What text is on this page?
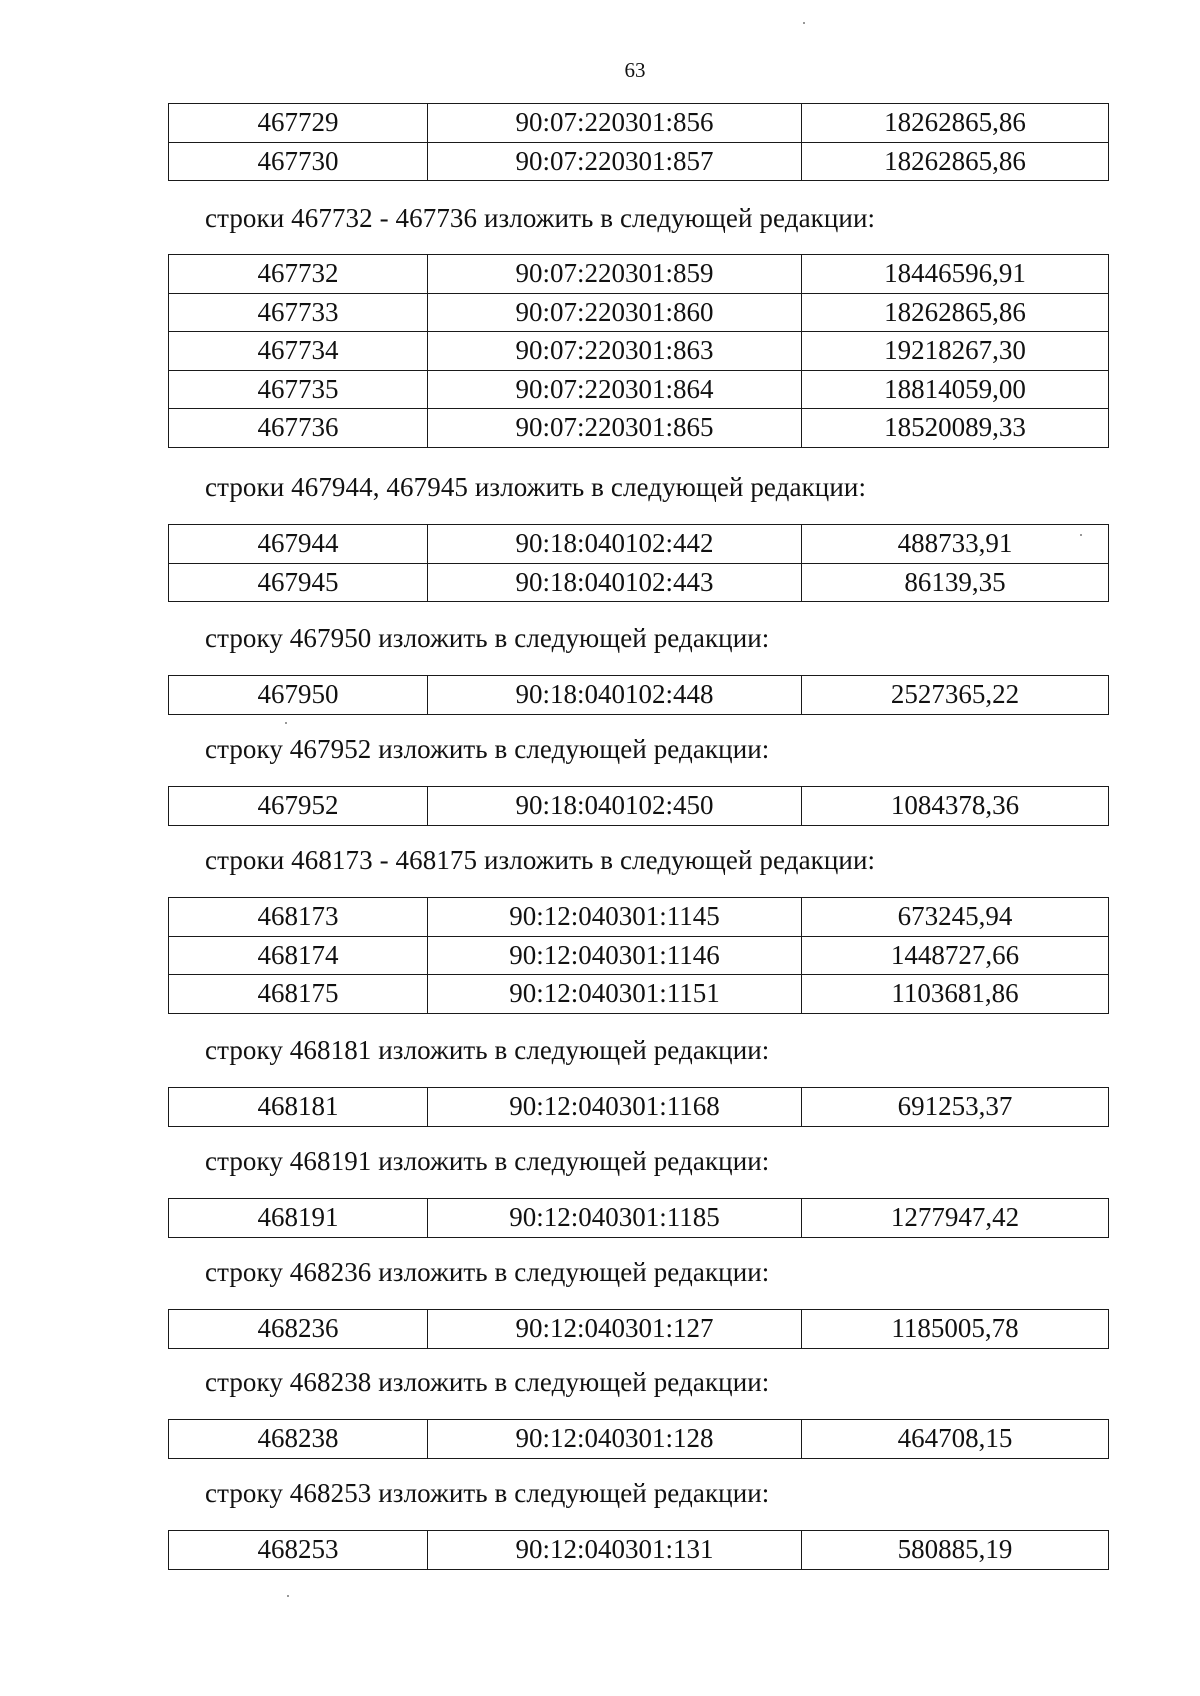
63
467729	90:07:220301:856	18262865,86
467730	90:07:220301:857	18262865,86
строки 467732 - 467736 изложить в следующей редакции:
467732	90:07:220301:859	18446596,91
467733	90:07:220301:860	18262865,86
467734	90:07:220301:863	19218267,30
467735	90:07:220301:864	18814059,00
467736	90:07:220301:865	18520089,33
строки 467944, 467945 изложить в следующей редакции:
467944	90:18:040102:442	488733,91
467945	90:18:040102:443	86139,35
строку 467950 изложить в следующей редакции:
467950	90:18:040102:448	2527365,22
строку 467952 изложить в следующей редакции:
467952	90:18:040102:450	1084378,36
строки 468173 - 468175 изложить в следующей редакции:
468173	90:12:040301:1145	673245,94
468174	90:12:040301:1146	1448727,66
468175	90:12:040301:1151	1103681,86
строку 468181 изложить в следующей редакции:
468181	90:12:040301:1168	691253,37
строку 468191 изложить в следующей редакции:
468191	90:12:040301:1185	1277947,42
строку 468236 изложить в следующей редакции:
468236	90:12:040301:127	1185005,78
строку 468238 изложить в следующей редакции:
468238	90:12:040301:128	464708,15
строку 468253 изложить в следующей редакции:
468253	90:12:040301:131	580885,19
